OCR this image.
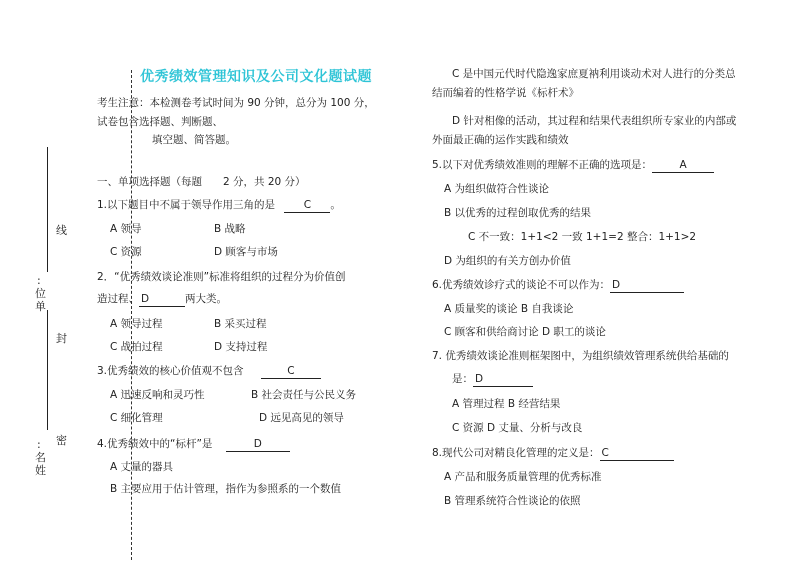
线
:
位
单
封
密
:
名
姓
优秀绩效管理知识及公司文化题试题
考生注意：本检测卷考试时间为 90 分钟，总分为 100 分，
试卷包含选择题、判断题、
填空题、简答题。
一、单项选择题（每题　　2 分，共 20 分）
1.以下题目中不属于领导作用三角的是	C 。
A 领导	B 战略
C 资源	D 顾客与市场
2．“优秀绩效谈论准则”标准将组织的过程分为价值创
造过程、 D	两大类。
A 领导过程	B 采买过程
C 战拍过程	D 支持过程
3.优秀绩效的核心价值观不包含	C
A 迅速反响和灵巧性	B 社会责任与公民义务
C 细化管理	D 远见高见的领导
4.优秀绩效中的“标杆”是	D
A 丈量的器具
B 主要应用于估计管理，指作为参照系的一个数值
C 是中国元代时代隐逸家庶夏衲利用谈动术对人进行的分类总
结而编着的性格学说《标杆术》
D 针对相像的活动，其过程和结果代表组织所专家业的内部或
外面最正确的运作实践和绩效
5.以下对优秀绩效准则的理解不正确的选项是：	A
A 为组织做符合性谈论
B 以优秀的过程创取优秀的结果
C 不一致：1+1<2 一致 1+1=2 整合：1+1>2
D 为组织的有关方创办价值
6.优秀绩效诊疗式的谈论不可以作为： D
A 质量奖的谈论 B 自我谈论
C 顾客和供给商讨论 D 职工的谈论
7. 优秀绩效谈论准则框架图中，为组织绩效管理系统供给基础的
是： D
A 管理过程 B 经营结果
C 资源 D 丈量、分析与改良
8.现代公司对精良化管理的定义是： C
A 产品和服务质量管理的优秀标准
B 管理系统符合性谈论的依照
